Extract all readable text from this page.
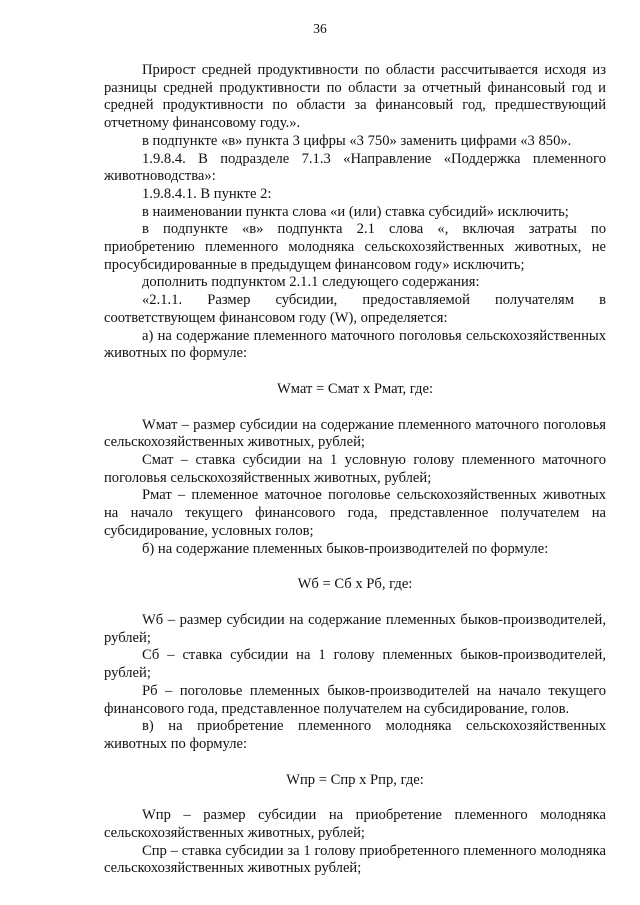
36

Прирост средней продуктивности по области рассчитывается исходя из разницы средней продуктивности по области за отчетный финансовый год и средней продуктивности по области за финансовый год, предшествующий отчетному финансовому году.».

в подпункте «в» пункта 3 цифры «3 750» заменить цифрами «3 850».

1.9.8.4. В подразделе 7.1.3 «Направление «Поддержка племенного животноводства»:

1.9.8.4.1. В пункте 2:

в наименовании пункта слова «и (или) ставка субсидий» исключить;

в подпункте «в» подпункта 2.1 слова «, включая затраты по приобретению племенного молодняка сельскохозяйственных животных, не просубсидированные в предыдущем финансовом году» исключить;

дополнить подпунктом 2.1.1 следующего содержания:

«2.1.1. Размер субсидии, предоставляемой получателям в соответствующем финансовом году (W), определяется:

а) на содержание племенного маточного поголовья сельскохозяйственных животных по формуле:

Wмат = Смат х Рмат, где:

Wмат – размер субсидии на содержание племенного маточного поголовья сельскохозяйственных животных, рублей;

Смат – ставка субсидии на 1 условную голову племенного маточного поголовья сельскохозяйственных животных, рублей;

Рмат – племенное маточное поголовье сельскохозяйственных животных на начало текущего финансового года, представленное получателем на субсидирование, условных голов;

б) на содержание племенных быков-производителей по формуле:

Wб = Сб х Рб, где:

Wб – размер субсидии на содержание племенных быков-производителей, рублей;

Сб – ставка субсидии на 1 голову племенных быков-производителей, рублей;

Рб – поголовье племенных быков-производителей на начало текущего финансового года, представленное получателем на субсидирование, голов.

в) на приобретение племенного молодняка сельскохозяйственных животных по формуле:

Wпр = Спр х Рпр, где:

Wпр – размер субсидии на приобретение племенного молодняка сельскохозяйственных животных, рублей;

Спр – ставка субсидии за 1 голову приобретенного племенного молодняка сельскохозяйственных животных рублей;
